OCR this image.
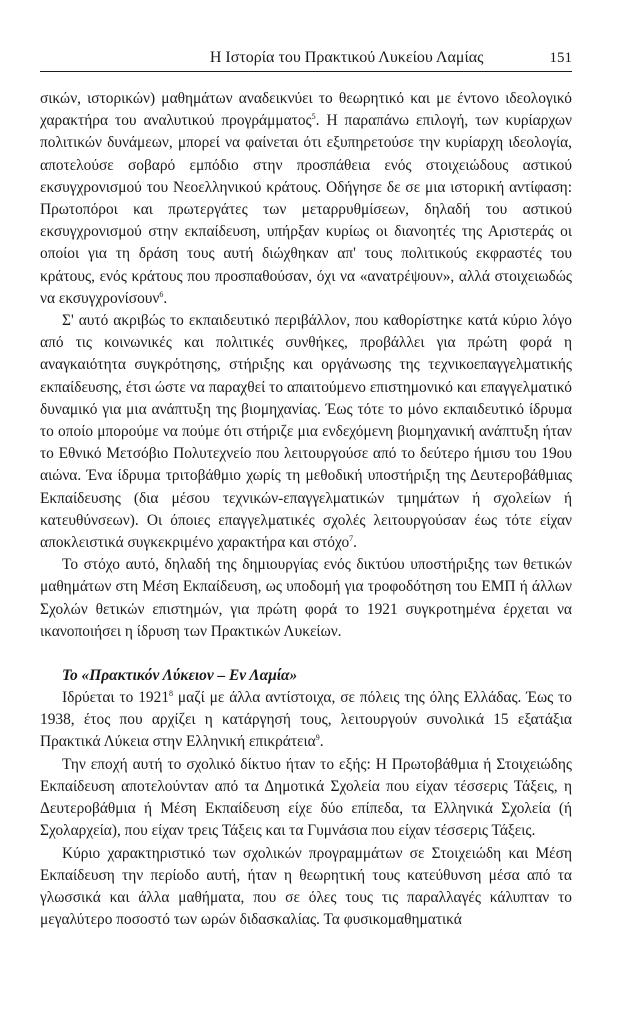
Η Ιστορία του Πρακτικού Λυκείου Λαμίας	151

σικών, ιστορικών) μαθημάτων αναδεικνύει το θεωρητικό και με έντονο ιδεολογικό χαρακτήρα του αναλυτικού προγράμματος$^5$. Η παραπάνω επιλογή, των κυρίαρχων πολιτικών δυνάμεων, μπορεί να φαίνεται ότι εξυπηρετούσε την κυρίαρχη ιδεολογία, αποτελούσε σοβαρό εμπόδιο στην προσπάθεια ενός στοιχειώδους αστικού εκσυγχρονισμού του Νεοελληνικού κράτους. Οδήγησε δε σε μια ιστορική αντίφαση: Πρωτοπόροι και πρωτεργάτες των μεταρρυθμίσεων, δηλαδή του αστικού εκσυγχρονισμού στην εκπαίδευση, υπήρξαν κυρίως οι διανοητές της Αριστεράς οι οποίοι για τη δράση τους αυτή διώχθηκαν απ' τους πολιτικούς εκφραστές του κράτους, ενός κράτους που προσπαθούσαν, όχι να «ανατρέψουν», αλλά στοιχειωδώς να εκσυγχρονίσουν$^6$.

Σ' αυτό ακριβώς το εκπαιδευτικό περιβάλλον, που καθορίστηκε κατά κύριο λόγο από τις κοινωνικές και πολιτικές συνθήκες, προβάλλει για πρώτη φορά η αναγκαιότητα συγκρότησης, στήριξης και οργάνωσης της τεχνικοεπαγγελματικής εκπαίδευσης, έτσι ώστε να παραχθεί το απαιτούμενο επιστημονικό και επαγγελματικό δυναμικό για μια ανάπτυξη της βιομηχανίας. Έως τότε το μόνο εκπαιδευτικό ίδρυμα το οποίο μπορούμε να πούμε ότι στήριζε μια ενδεχόμενη βιομηχανική ανάπτυξη ήταν το Εθνικό Μετσόβιο Πολυτεχνείο που λειτουργούσε από το δεύτερο ήμισυ του 19ου αιώνα. Ένα ίδρυμα τριτοβάθμιο χωρίς τη μεθοδική υποστήριξη της Δευτεροβάθμιας Εκπαίδευσης (δια μέσου τεχνικών-επαγγελματικών τμημάτων ή σχολείων ή κατευθύνσεων). Οι όποιες επαγγελματικές σχολές λειτουργούσαν έως τότε είχαν αποκλειστικά συγκεκριμένο χαρακτήρα και στόχο$^7$.

Το στόχο αυτό, δηλαδή της δημιουργίας ενός δικτύου υποστήριξης των θετικών μαθημάτων στη Μέση Εκπαίδευση, ως υποδομή για τροφοδότηση του ΕΜΠ ή άλλων Σχολών θετικών επιστημών, για πρώτη φορά το 1921 συγκροτημένα έρχεται να ικανοποιήσει η ίδρυση των Πρακτικών Λυκείων.

Το «Πρακτικόν Λύκειον – Εν Λαμία»

Ιδρύεται το 1921$^8$ μαζί με άλλα αντίστοιχα, σε πόλεις της όλης Ελλάδας. Έως το 1938, έτος που αρχίζει η κατάργησή τους, λειτουργούν συνολικά 15 εξατάξια Πρακτικά Λύκεια στην Ελληνική επικράτεια$^9$.

Την εποχή αυτή το σχολικό δίκτυο ήταν το εξής: Η Πρωτοβάθμια ή Στοιχειώδης Εκπαίδευση αποτελούνταν από τα Δημοτικά Σχολεία που είχαν τέσσερις Τάξεις, η Δευτεροβάθμια ή Μέση Εκπαίδευση είχε δύο επίπεδα, τα Ελληνικά Σχολεία (ή Σχολαρχεία), που είχαν τρεις Τάξεις και τα Γυμνάσια που είχαν τέσσερις Τάξεις.

Κύριο χαρακτηριστικό των σχολικών προγραμμάτων σε Στοιχειώδη και Μέση Εκπαίδευση την περίοδο αυτή, ήταν η θεωρητική τους κατεύθυνση μέσα από τα γλωσσικά και άλλα μαθήματα, που σε όλες τους τις παραλλαγές κάλυπταν το μεγαλύτερο ποσοστό των ωρών διδασκαλίας. Τα φυσικομαθηματικά
